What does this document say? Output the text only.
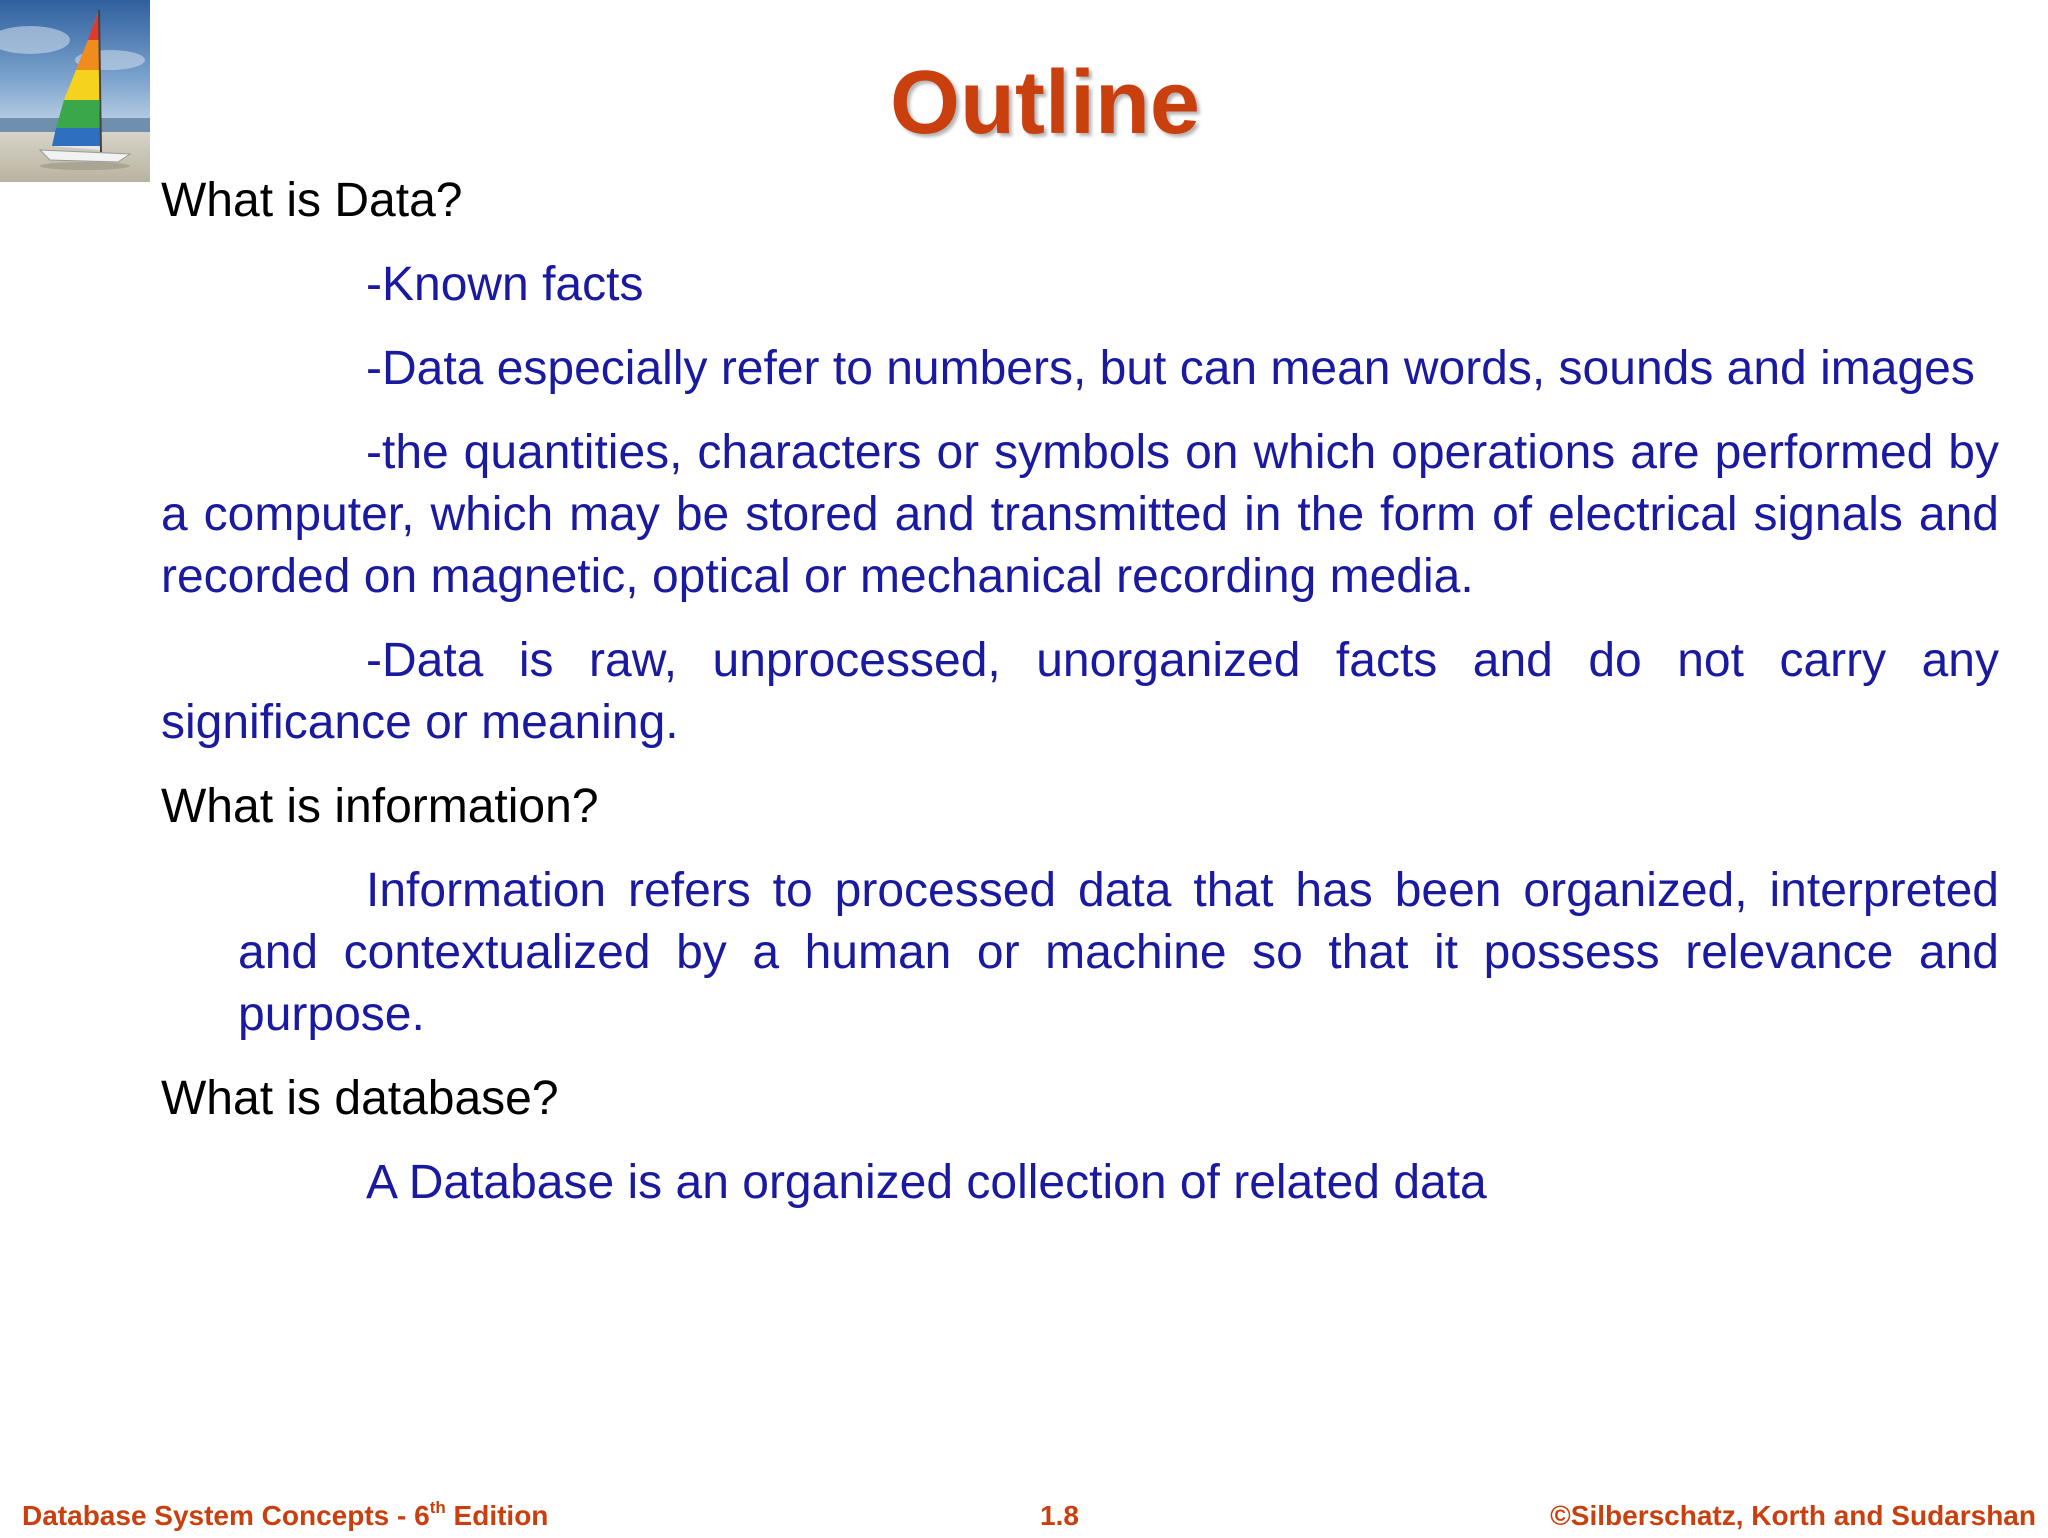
Outline
What is Data?
-Known facts
-Data especially refer to numbers, but can mean words, sounds and images
-the quantities, characters or symbols on which operations are performed by a computer, which may be stored and transmitted in the form of electrical signals and recorded on magnetic, optical or mechanical recording media.
-Data is raw, unprocessed, unorganized facts and do not carry any significance or meaning.
What is information?
Information refers to processed data that has been organized, interpreted and contextualized by a human or machine so that it possess relevance and purpose.
What is database?
A Database is an organized collection of related data
Database System Concepts - 6th Edition	1.8	©Silberschatz, Korth and Sudarshan
